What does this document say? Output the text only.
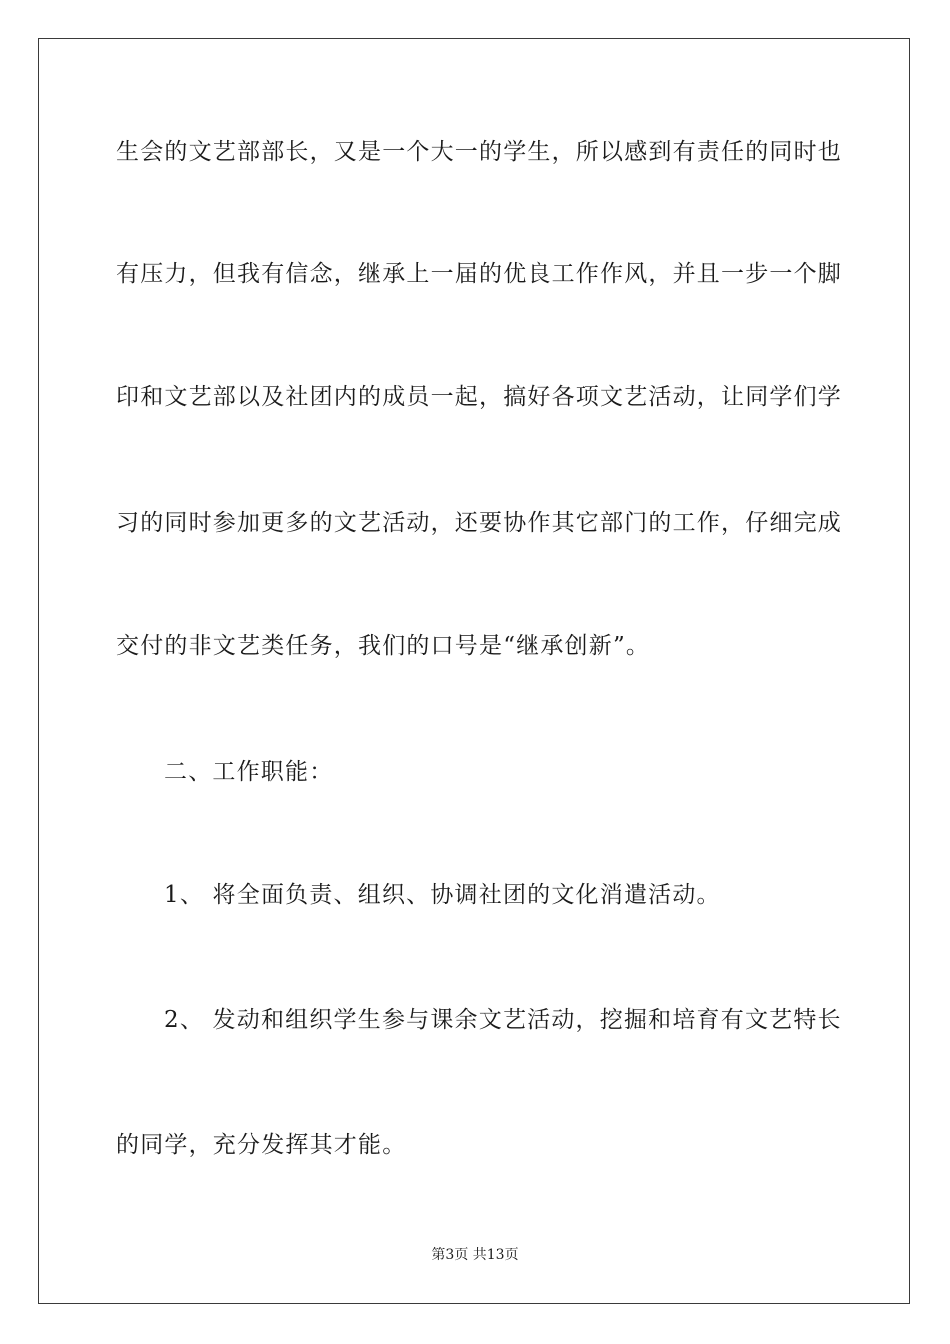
生会的文艺部部长，又是一个大一的学生，所以感到有责任的同时也
有压力，但我有信念，继承上一届的优良工作作风，并且一步一个脚
印和文艺部以及社团内的成员一起，搞好各项文艺活动，让同学们学
习的同时参加更多的文艺活动，还要协作其它部门的工作，仔细完成
交付的非文艺类任务，我们的口号是“继承创新”。
二、工作职能：
1、 将全面负责、组织、协调社团的文化消遣活动。
2、 发动和组织学生参与课余文艺活动，挖掘和培育有文艺特长
的同学，充分发挥其才能。
第3页 共13页
